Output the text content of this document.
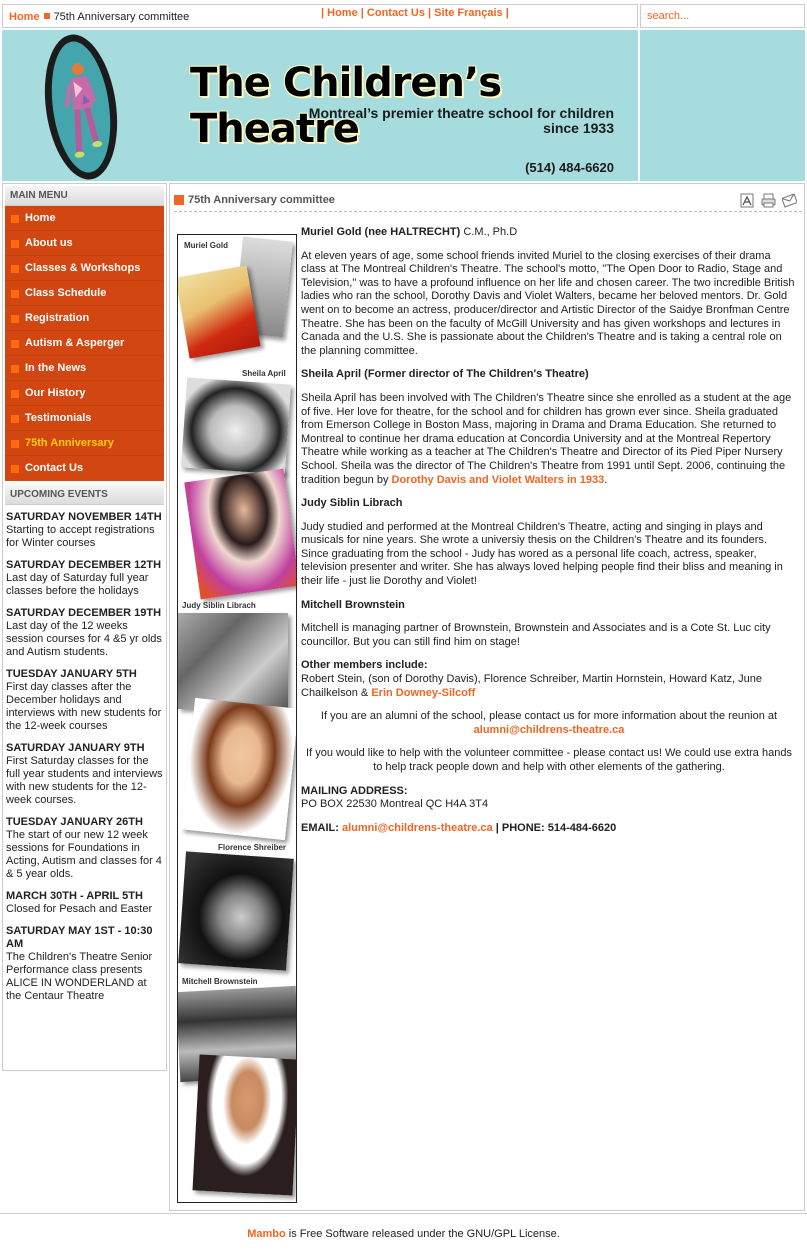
Home 75th Anniversary committee	| Home | Contact Us | Site Français |
search...
The Children’s Theatre
Montreal’s premier theatre school for children
since 1933
(514) 484-6620
MAIN MENU
Home
About us
Classes & Workshops
Class Schedule
Registration
Autism & Asperger
In the News
Our History
Testimonials
75th Anniversary
Contact Us
UPCOMING EVENTS
SATURDAY NOVEMBER 14TH
Starting to accept registrations for Winter courses
SATURDAY DECEMBER 12TH
Last day of Saturday full year classes before the holidays
SATURDAY DECEMBER 19TH
Last day of the 12 weeks session courses for 4 &5 yr olds and Autism students.
TUESDAY JANUARY 5TH
First day classes after the December holidays and interviews with new students for the 12-week courses
SATURDAY JANUARY 9TH
First Saturday classes for the full year students and interviews with new students for the 12-week courses.
TUESDAY JANUARY 26TH
The start of our new 12 week sessions for Foundations in Acting, Autism and classes for 4 & 5 year olds.
MARCH 30TH - APRIL 5TH
Closed for Pesach and Easter
SATURDAY MAY 1ST - 10:30 AM
The Children's Theatre Senior Performance class presents ALICE IN WONDERLAND at the Centaur Theatre
75th Anniversary committee
Muriel Gold
Sheila April
Judy Siblin Librach
Florence Shreiber
Mitchell Brownstein

Muriel Gold (nee HALTRECHT) C.M., Ph.D

At eleven years of age, some school friends invited Muriel to the closing exercises of their drama class at The Montreal Children's Theatre. The school's motto, "The Open Door to Radio, Stage and Television," was to have a profound influence on her life and chosen career. The two incredible British ladies who ran the school, Dorothy Davis and Violet Walters, became her beloved mentors. Dr. Gold went on to become an actress, producer/director and Artistic Director of the Saidye Bronfman Centre Theatre. She has been on the faculty of McGill University and has given workshops and lectures in Canada and the U.S. She is passionate about the Children's Theatre and is taking a central role on the planning committee.

Sheila April (Former director of The Children's Theatre)

Sheila April has been involved with The Children's Theatre since she enrolled as a student at the age of five. Her love for theatre, for the school and for children has grown ever since. Sheila graduated from Emerson College in Boston Mass, majoring in Drama and Drama Education. She returned to Montreal to continue her drama education at Concordia University and at the Montreal Repertory Theatre while working as a teacher at The Children's Theatre and Director of its Pied Piper Nursery School. Sheila was the director of The Children's Theatre from 1991 until Sept. 2006, continuing the tradition begun by Dorothy Davis and Violet Walters in 1933.

Judy Siblin Librach

Judy studied and performed at the Montreal Children's Theatre, acting and singing in plays and musicals for nine years. She wrote a universiy thesis on the Children's Theatre and its founders. Since graduating from the school - Judy has wored as a personal life coach, actress, speaker, television presenter and writer. She has always loved helping people find their bliss and meaning in their life - just lie Dorothy and Violet!

Mitchell Brownstein

Mitchell is managing partner of Brownstein, Brownstein and Associates and is a Cote St. Luc city councillor. But you can still find him on stage!

Other members include:
Robert Stein, (son of Dorothy Davis), Florence Schreiber, Martin Hornstein, Howard Katz, June Chailkelson & Erin Downey-Silcoff

If you are an alumni of the school, please contact us for more information about the reunion at
alumni@childrens-theatre.ca

If you would like to help with the volunteer committee - please contact us! We could use extra hands to help track people down and help with other elements of the gathering.

MAILING ADDRESS:
PO BOX 22530 Montreal QC H4A 3T4

EMAIL: alumni@childrens-theatre.ca | PHONE: 514-484-6620

Mambo is Free Software released under the GNU/GPL License.
